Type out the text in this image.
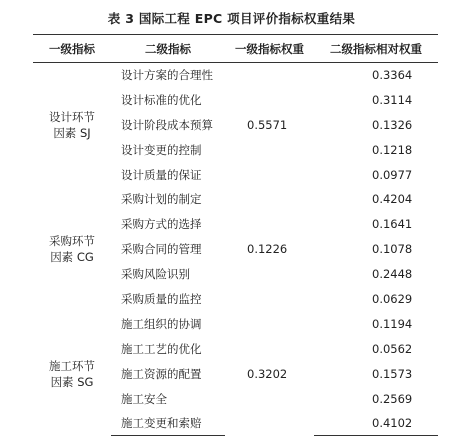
表 3 国际工程 EPC 项目评价指标权重结果
一级指标	二级指标	一级指标权重	二级指标相对权重

设计环节
因素 SJ	设计方案的合理性	0.5571	0.3364
	设计标准的优化		0.3114
	设计阶段成本预算		0.1326
	设计变更的控制		0.1218
	设计质量的保证		0.0977

采购环节
因素 CG	采购计划的制定	0.1226	0.4204
	采购方式的选择		0.1641
	采购合同的管理		0.1078
	采购风险识别		0.2448
	采购质量的监控		0.0629

施工环节
因素 SG	施工组织的协调	0.3202	0.1194
	施工工艺的优化		0.0562
	施工资源的配置		0.1573
	施工安全		0.2569
	施工变更和索赔		0.4102
